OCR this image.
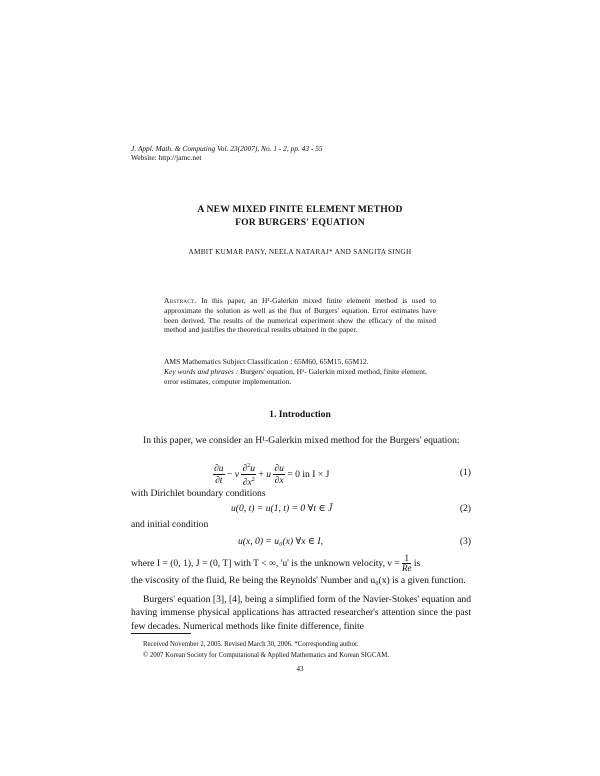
J. Appl. Math. & Computing Vol. 23(2007), No. 1 - 2, pp. 43 - 55
Website: http://jamc.net
A NEW MIXED FINITE ELEMENT METHOD
FOR BURGERS' EQUATION
AMBIT KUMAR PANY, NEELA NATARAJ* AND SANGITA SINGH
Abstract. In this paper, an H¹-Galerkin mixed finite element method is used to approximate the solution as well as the flux of Burgers' equation. Error estimates have been derived. The results of the numerical experiment show the efficacy of the mixed method and justifies the theoretical results obtained in the paper.
AMS Mathematics Subject Classification : 65M60, 65M15, 65M12.
Key words and phrases : Burgers' equation, H¹- Galerkin mixed method, finite element, error estimates, computer implementation.
1. Introduction
In this paper, we consider an H¹-Galerkin mixed method for the Burgers' equation:
$\frac{\partial u}{\partial t} - \nu \frac{\partial^2u}{\partial x^2} + u \frac{\partial u}{\partial x} = 0$ in I × J	(1)
with Dirichlet boundary conditions
u(0, t) = u(1, t) = 0 ∀t ∈ J̄	(2)
and initial condition
u(x, 0) = u₀(x) ∀x ∈ I,	(3)
where I = (0, 1), J = (0, T] with T < ∞, 'u' is the unknown velocity, $\nu = \frac{1}{Re}$ is
the viscosity of the fluid, Re being the Reynolds' Number and u₀(x) is a given function.
Burgers' equation [3], [4], being a simplified form of the Navier-Stokes' equation and having immense physical applications has attracted researcher's attention since the past few decades. Numerical methods like finite difference, finite
Received November 2, 2005. Revised March 30, 2006. *Corresponding author.
© 2007 Korean Society for Computational & Applied Mathematics and Korean SIGCAM.
43
